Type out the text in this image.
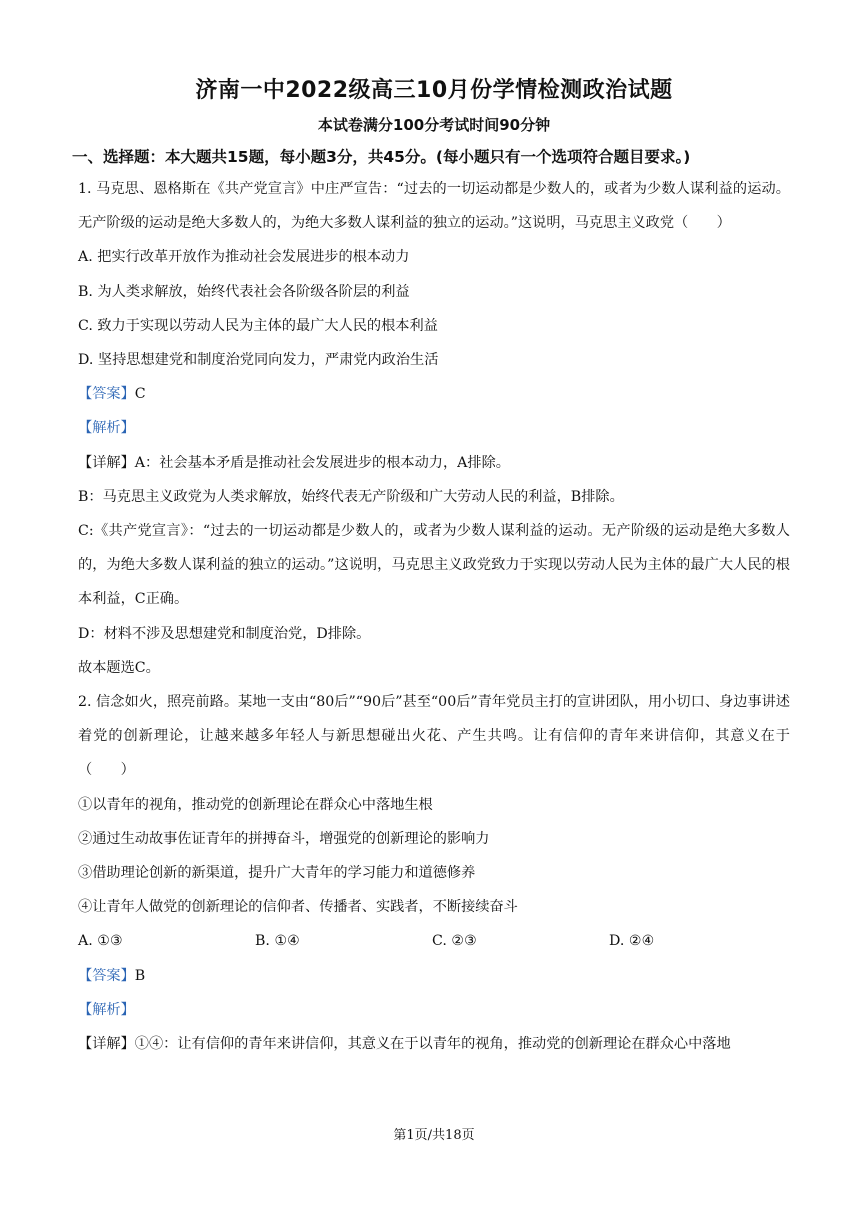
济南一中2022级高三10月份学情检测政治试题
本试卷满分100分考试时间90分钟
一、选择题：本大题共15题，每小题3分，共45分。(每小题只有一个选项符合题目要求。)
1. 马克思、恩格斯在《共产党宣言》中庄严宣告：“过去的一切运动都是少数人的，或者为少数人谋利益的运动。无产阶级的运动是绝大多数人的，为绝大多数人谋利益的独立的运动。”这说明，马克思主义政党（　　）
A. 把实行改革开放作为推动社会发展进步的根本动力
B. 为人类求解放，始终代表社会各阶级各阶层的利益
C. 致力于实现以劳动人民为主体的最广大人民的根本利益
D. 坚持思想建党和制度治党同向发力，严肃党内政治生活
【答案】C
【解析】
【详解】A：社会基本矛盾是推动社会发展进步的根本动力，A排除。
B：马克思主义政党为人类求解放，始终代表无产阶级和广大劳动人民的利益，B排除。
C:《共产党宣言》：“过去的一切运动都是少数人的，或者为少数人谋利益的运动。无产阶级的运动是绝大多数人的，为绝大多数人谋利益的独立的运动。”这说明，马克思主义政党致力于实现以劳动人民为主体的最广大人民的根本利益，C正确。
D：材料不涉及思想建党和制度治党，D排除。
故本题选C。
2. 信念如火，照亮前路。某地一支由“80后”“90后”甚至“00后”青年党员主打的宣讲团队，用小切口、身边事讲述着党的创新理论，让越来越多年轻人与新思想碰出火花、产生共鸣。让有信仰的青年来讲信仰，其意义在于（　　）
①以青年的视角，推动党的创新理论在群众心中落地生根
②通过生动故事佐证青年的拼搏奋斗，增强党的创新理论的影响力
③借助理论创新的新渠道，提升广大青年的学习能力和道德修养
④让青年人做党的创新理论的信仰者、传播者、实践者，不断接续奋斗
A. ①③	B. ①④	C. ②③	D. ②④
【答案】B
【解析】
【详解】①④：让有信仰的青年来讲信仰，其意义在于以青年的视角，推动党的创新理论在群众心中落地
第1页/共18页
